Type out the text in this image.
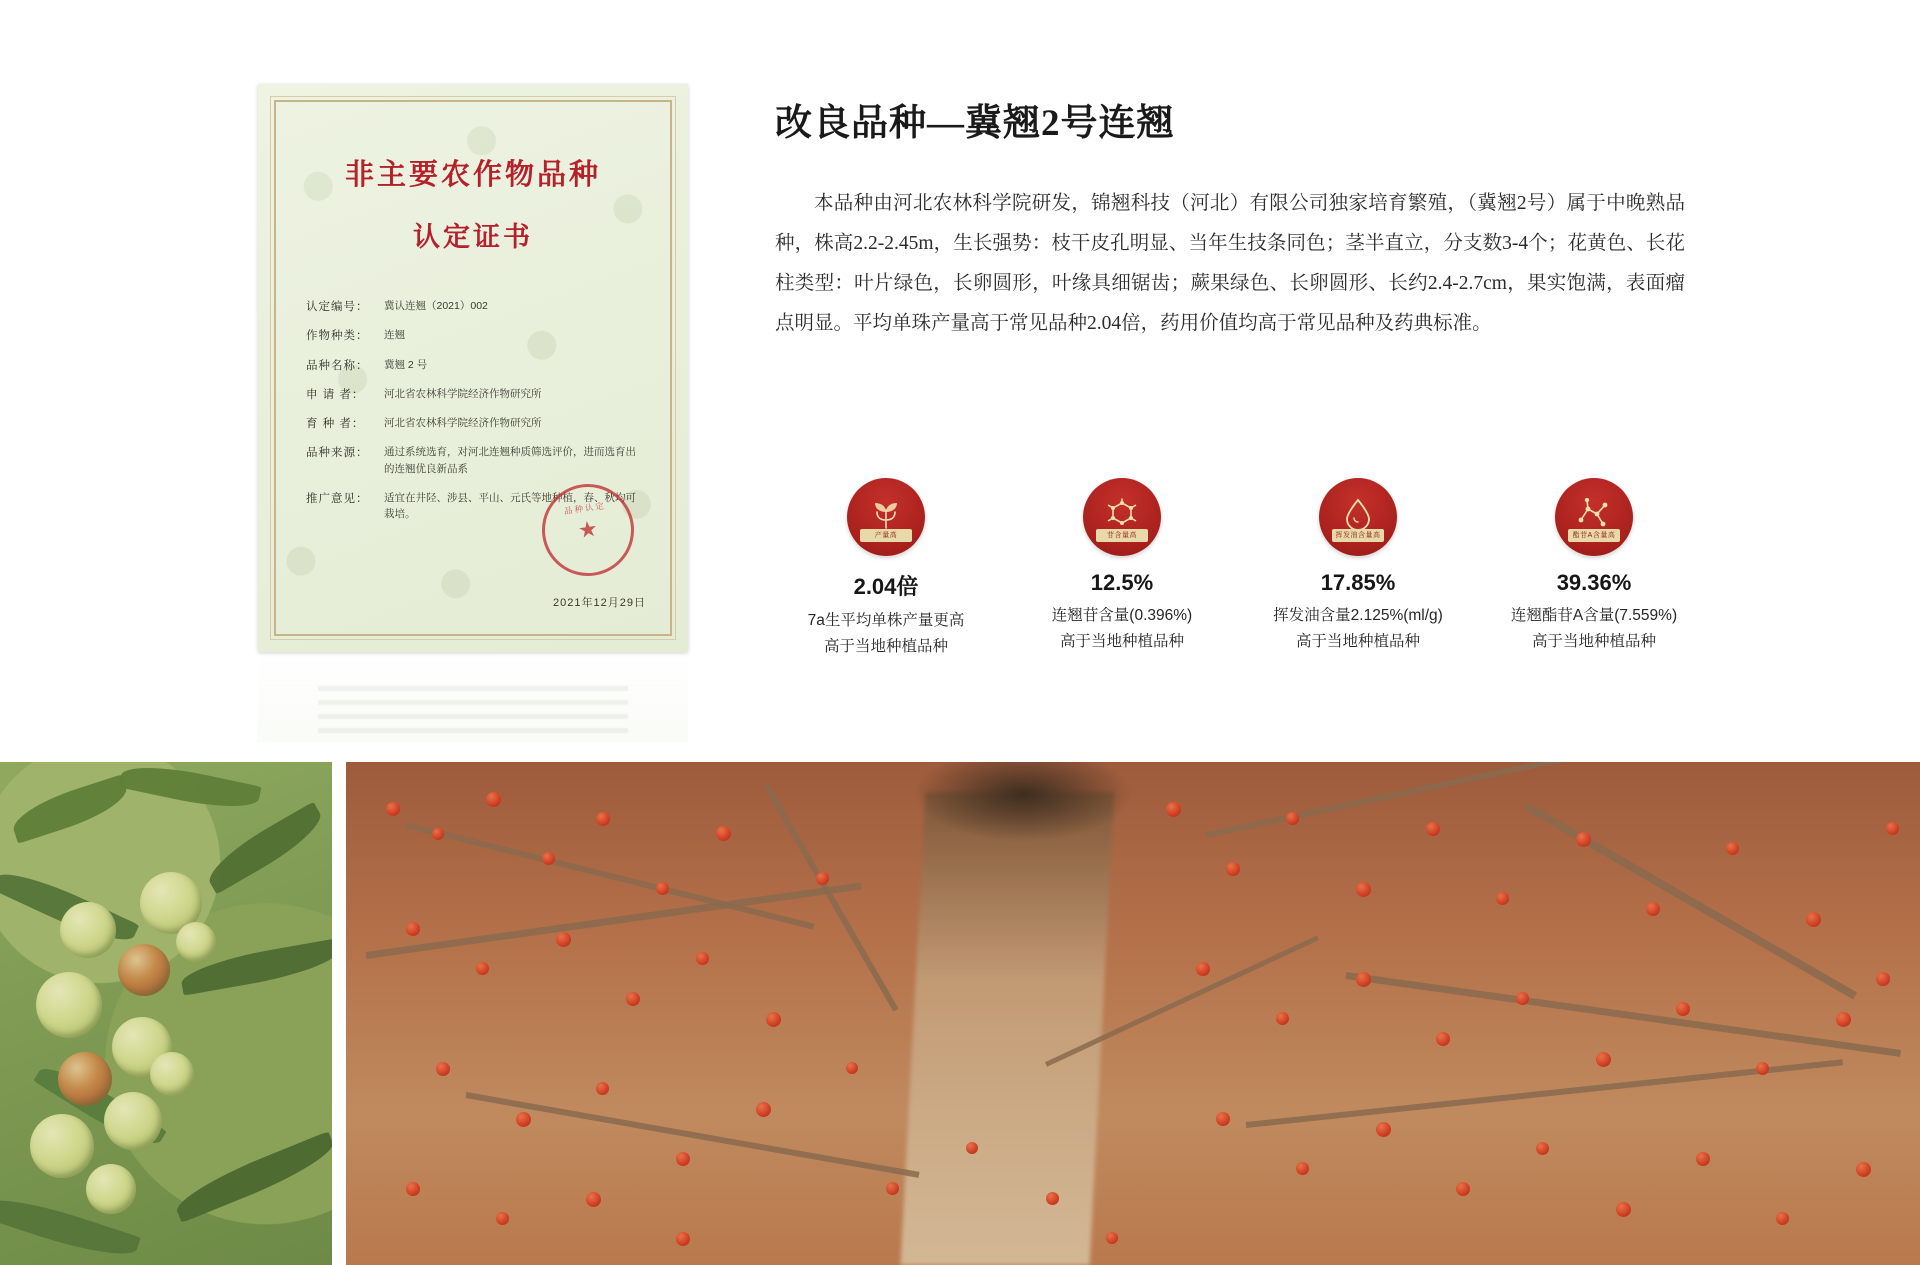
非主要农作物品种
认定证书
认定编号：	冀认连翘（2021）002
作物种类：	连翘
品种名称：	冀翘 2 号
申 请 者：	河北省农林科学院经济作物研究所
育 种 者：	河北省农林科学院经济作物研究所
品种来源：	通过系统选育，对河北连翘种质筛选评价，进而选育出的连翘优良新品系
推广意见：	适宜在井陉、涉县、平山、元氏等地种植，春、秋均可栽培。	品种认定
★
2021年12月29日
改良品种—冀翘2号连翘
本品种由河北农林科学院研发，锦翘科技（河北）有限公司独家培育繁殖，（冀翘2号）属于中晚熟品种，株高2.2-2.45m，生长强势：枝干皮孔明显、当年生技条同色；茎半直立，分支数3-4个；花黄色、长花柱类型：叶片绿色，长卵圆形，叶缘具细锯齿；蕨果绿色、长卵圆形、长约2.4-2.7cm，果实饱满，表面瘤点明显。平均单珠产量高于常见品种2.04倍，药用价值均高于常见品种及药典标准。
产量高
2.04倍
7a生平均单株产量更高
高于当地种植品种
苷含量高
12.5%
连翘苷含量(0.396%)
高于当地种植品种
挥发油含量高
17.85%
挥发油含量2.125%(ml/g)
高于当地种植品种
酯苷A含量高
39.36%
连翘酯苷A含量(7.559%)
高于当地种植品种
